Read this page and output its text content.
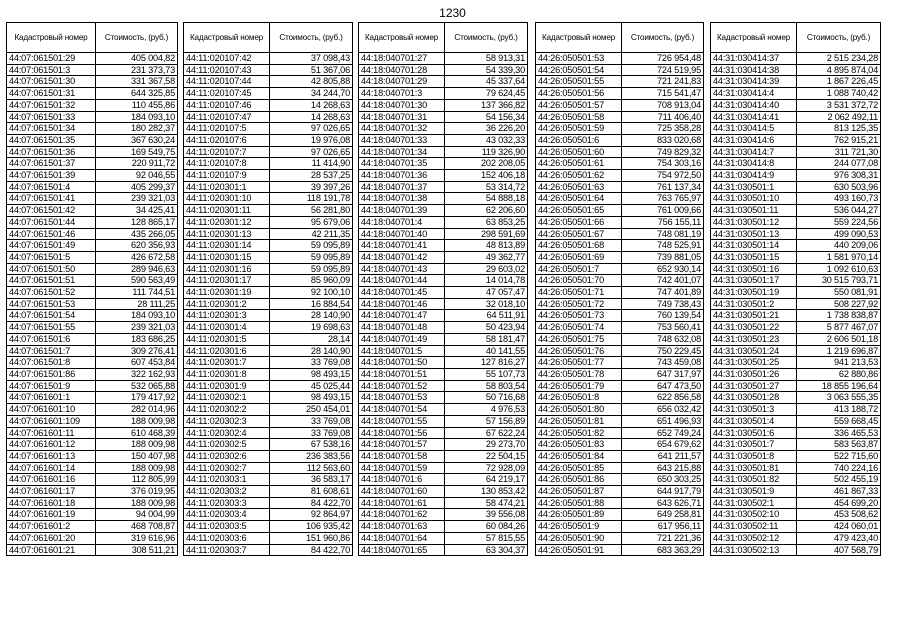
1230
Кадастровый номер	Стоимость, (руб.)
44:07:061501:29	405 004,82
44:07:061501:3	231 373,73
44:07:061501:30	331 367,58
44:07:061501:31	644 325,85
44:07:061501:32	110 455,86
44:07:061501:33	184 093,10
44:07:061501:34	180 282,37
44:07:061501:35	367 630,24
44:07:061501:36	169 549,75
44:07:061501:37	220 911,72
44:07:061501:39	92 046,55
44:07:061501:4	405 299,37
44:07:061501:41	239 321,03
44:07:061501:42	34 425,41
44:07:061501:44	128 865,17
44:07:061501:46	435 266,05
44:07:061501:49	620 356,93
44:07:061501:5	426 672,58
44:07:061501:50	289 946,63
44:07:061501:51	590 563,49
44:07:061501:52	111 744,51
44:07:061501:53	28 111,25
44:07:061501:54	184 093,10
44:07:061501:55	239 321,03
44:07:061501:6	183 686,25
44:07:061501:7	309 276,41
44:07:061501:8	607 453,84
44:07:061501:86	322 162,93
44:07:061501:9	532 065,88
44:07:061601:1	179 417,92
44:07:061601:10	282 014,96
44:07:061601:109	188 009,98
44:07:061601:11	610 468,39
44:07:061601:12	188 009,98
44:07:061601:13	150 407,98
44:07:061601:14	188 009,98
44:07:061601:16	112 805,99
44:07:061601:17	376 019,95
44:07:061601:18	188 009,98
44:07:061601:19	94 004,99
44:07:061601:2	468 708,87
44:07:061601:20	319 616,96
44:07:061601:21	308 511,21
Кадастровый номер	Стоимость, (руб.)
44:11:020107:42	37 098,43
44:11:020107:43	51 367,06
44:11:020107:44	42 805,88
44:11:020107:45	34 244,70
44:11:020107:46	14 268,63
44:11:020107:47	14 268,63
44:11:020107:5	97 026,65
44:11:020107:6	19 976,08
44:11:020107:7	97 026,65
44:11:020107:8	11 414,90
44:11:020107:9	28 537,25
44:11:020301:1	39 397,26
44:11:020301:10	118 191,78
44:11:020301:11	56 281,80
44:11:020301:12	95 679,06
44:11:020301:13	42 211,35
44:11:020301:14	59 095,89
44:11:020301:15	59 095,89
44:11:020301:16	59 095,89
44:11:020301:17	85 960,09
44:11:020301:19	92 100,10
44:11:020301:2	16 884,54
44:11:020301:3	28 140,90
44:11:020301:4	19 698,63
44:11:020301:5	28,14
44:11:020301:6	28 140,90
44:11:020301:7	33 769,08
44:11:020301:8	98 493,15
44:11:020301:9	45 025,44
44:11:020302:1	98 493,15
44:11:020302:2	250 454,01
44:11:020302:3	33 769,08
44:11:020302:4	33 769,08
44:11:020302:5	67 538,16
44:11:020302:6	236 383,56
44:11:020302:7	112 563,60
44:11:020303:1	36 583,17
44:11:020303:2	81 608,61
44:11:020303:3	84 422,70
44:11:020303:4	92 864,97
44:11:020303:5	106 935,42
44:11:020303:6	151 960,86
44:11:020303:7	84 422,70
Кадастровый номер	Стоимость, (руб.)
44:18:040701:27	58 913,31
44:18:040701:28	54 339,30
44:18:040701:29	45 337,64
44:18:040701:3	79 624,45
44:18:040701:30	137 366,82
44:18:040701:31	54 156,34
44:18:040701:32	36 226,20
44:18:040701:33	43 032,33
44:18:040701:34	119 326,90
44:18:040701:35	202 208,05
44:18:040701:36	152 406,18
44:18:040701:37	53 314,72
44:18:040701:38	54 888,18
44:18:040701:39	62 206,60
44:18:040701:4	63 853,25
44:18:040701:40	298 591,69
44:18:040701:41	48 813,89
44:18:040701:42	49 362,77
44:18:040701:43	29 603,02
44:18:040701:44	14 014,78
44:18:040701:45	47 057,47
44:18:040701:46	32 018,10
44:18:040701:47	64 511,91
44:18:040701:48	50 423,94
44:18:040701:49	58 181,47
44:18:040701:5	40 141,55
44:18:040701:50	127 816,27
44:18:040701:51	55 107,73
44:18:040701:52	58 803,54
44:18:040701:53	50 716,68
44:18:040701:54	4 976,53
44:18:040701:55	57 156,89
44:18:040701:56	67 622,24
44:18:040701:57	29 273,70
44:18:040701:58	22 504,15
44:18:040701:59	72 928,09
44:18:040701:6	64 219,17
44:18:040701:60	130 853,42
44:18:040701:61	58 474,21
44:18:040701:62	39 556,08
44:18:040701:63	60 084,26
44:18:040701:64	57 815,55
44:18:040701:65	63 304,37
Кадастровый номер	Стоимость, (руб.)
44:26:050501:53	726 954,48
44:26:050501:54	724 519,95
44:26:050501:55	721 241,83
44:26:050501:56	715 541,47
44:26:050501:57	708 913,04
44:26:050501:58	711 406,40
44:26:050501:59	725 358,28
44:26:050501:6	833 020,68
44:26:050501:60	749 829,32
44:26:050501:61	754 303,16
44:26:050501:62	754 972,50
44:26:050501:63	761 137,34
44:26:050501:64	763 765,97
44:26:050501:65	761 009,66
44:26:050501:66	756 155,11
44:26:050501:67	748 081,19
44:26:050501:68	748 525,91
44:26:050501:69	739 881,05
44:26:050501:7	652 930,14
44:26:050501:70	742 401,07
44:26:050501:71	747 401,89
44:26:050501:72	749 738,43
44:26:050501:73	760 139,54
44:26:050501:74	753 560,41
44:26:050501:75	748 632,08
44:26:050501:76	750 229,45
44:26:050501:77	743 459,08
44:26:050501:78	647 317,97
44:26:050501:79	647 473,50
44:26:050501:8	622 856,58
44:26:050501:80	656 032,42
44:26:050501:81	651 496,93
44:26:050501:82	652 749,24
44:26:050501:83	654 679,62
44:26:050501:84	641 211,57
44:26:050501:85	643 215,88
44:26:050501:86	650 303,25
44:26:050501:87	644 917,79
44:26:050501:88	643 626,71
44:26:050501:89	649 258,81
44:26:050501:9	617 956,11
44:26:050501:90	721 221,36
44:26:050501:91	683 363,29
Кадастровый номер	Стоимость, (руб.)
44:31:030414:37	2 515 234,28
44:31:030414:38	4 895 874,04
44:31:030414:39	1 867 226,45
44:31:030414:4	1 088 740,42
44:31:030414:40	3 531 372,72
44:31:030414:41	2 062 492,11
44:31:030414:5	813 125,35
44:31:030414:6	762 915,21
44:31:030414:7	311 721,30
44:31:030414:8	244 077,08
44:31:030414:9	976 308,31
44:31:030501:1	630 503,96
44:31:030501:10	493 160,73
44:31:030501:11	536 044,27
44:31:030501:12	559 224,56
44:31:030501:13	499 090,53
44:31:030501:14	440 209,06
44:31:030501:15	1 581 970,14
44:31:030501:16	1 092 610,63
44:31:030501:17	30 515 793,71
44:31:030501:19	550 081,91
44:31:030501:2	508 227,92
44:31:030501:21	1 738 838,87
44:31:030501:22	5 877 467,07
44:31:030501:23	2 606 501,18
44:31:030501:24	1 219 696,87
44:31:030501:25	941 213,53
44:31:030501:26	62 880,86
44:31:030501:27	18 855 196,64
44:31:030501:28	3 063 555,35
44:31:030501:3	413 188,72
44:31:030501:4	559 668,45
44:31:030501:6	336 465,53
44:31:030501:7	583 563,87
44:31:030501:8	522 715,60
44:31:030501:81	740 224,16
44:31:030501:82	502 455,19
44:31:030501:9	461 867,33
44:31:030502:1	454 699,20
44:31:030502:10	453 508,62
44:31:030502:11	424 060,01
44:31:030502:12	479 423,40
44:31:030502:13	407 568,79
